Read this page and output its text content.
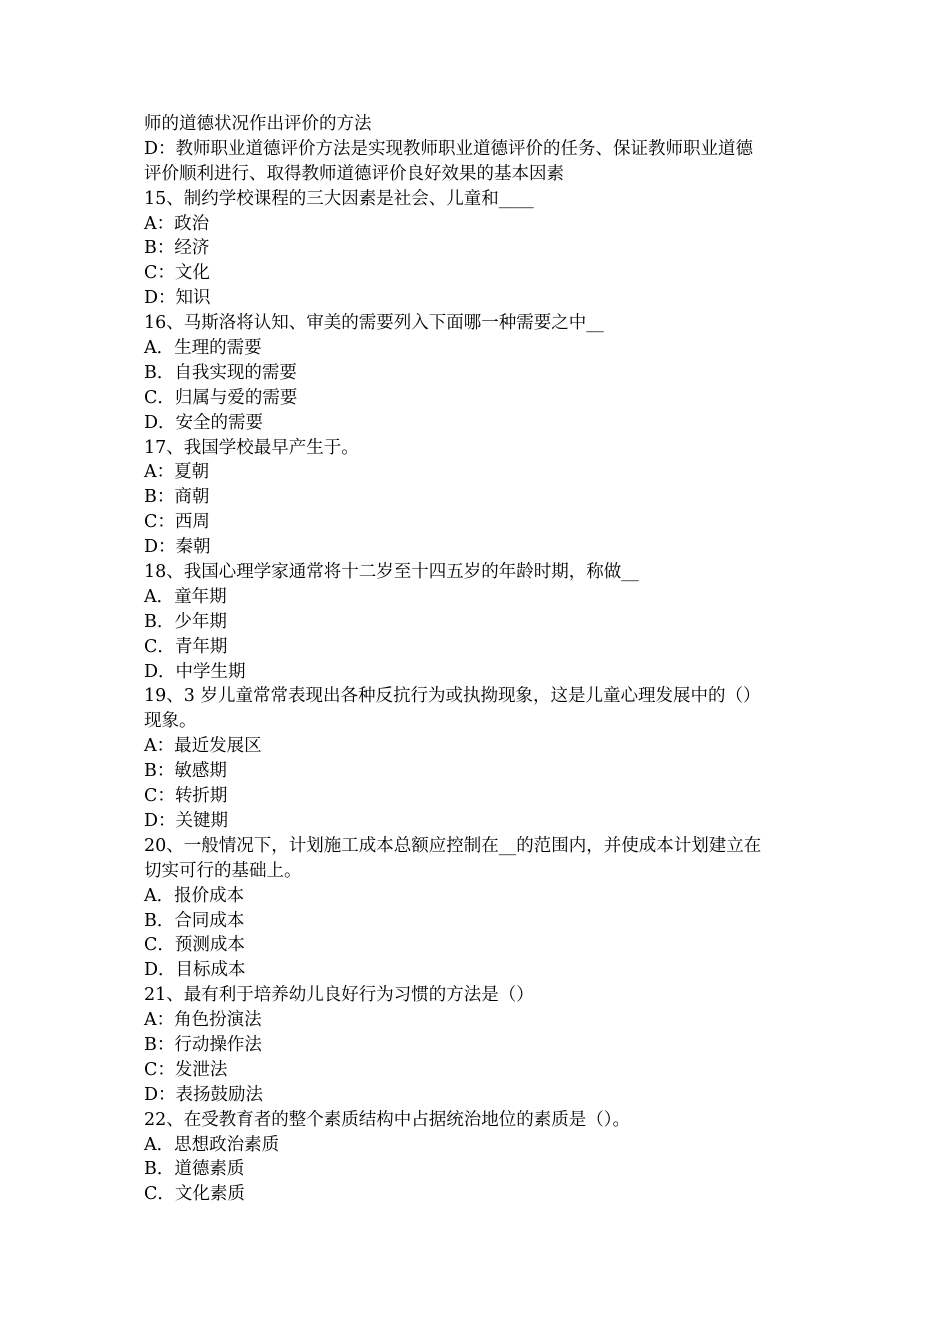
师的道德状况作出评价的方法
D：教师职业道德评价方法是实现教师职业道德评价的任务、保证教师职业道德
评价顺利进行、取得教师道德评价良好效果的基本因素
15、制约学校课程的三大因素是社会、儿童和____
A：政治
B：经济
C：文化
D：知识
16、马斯洛将认知、审美的需要列入下面哪一种需要之中__
A．生理的需要
B．自我实现的需要
C．归属与爱的需要
D．安全的需要
17、我国学校最早产生于。
A：夏朝
B：商朝
C：西周
D：秦朝
18、我国心理学家通常将十二岁至十四五岁的年龄时期，称做__
A．童年期
B．少年期
C．青年期
D．中学生期
19、3 岁儿童常常表现出各种反抗行为或执拗现象，这是儿童心理发展中的（）
现象。
A：最近发展区
B：敏感期
C：转折期
D：关键期
20、一般情况下，计划施工成本总额应控制在__的范围内，并使成本计划建立在
切实可行的基础上。
A．报价成本
B．合同成本
C．预测成本
D．目标成本
21、最有利于培养幼儿良好行为习惯的方法是（）
A：角色扮演法
B：行动操作法
C：发泄法
D：表扬鼓励法
22、在受教育者的整个素质结构中占据统治地位的素质是（）。
A．思想政治素质
B．道德素质
C．文化素质
